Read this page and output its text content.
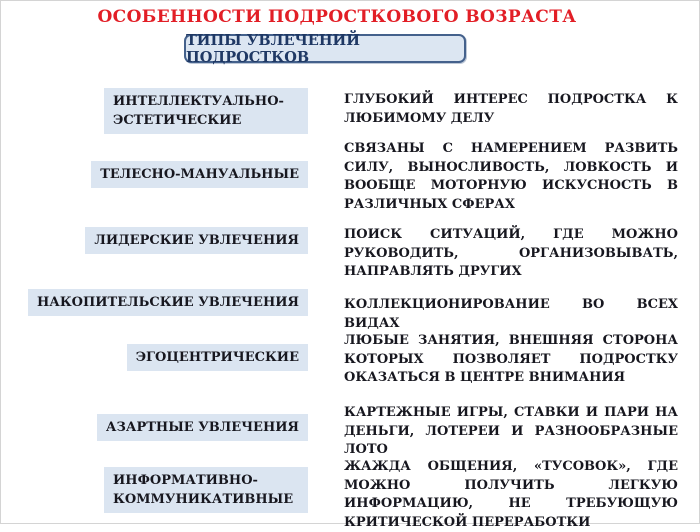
ОСОБЕННОСТИ ПОДРОСТКОВОГО ВОЗРАСТА
ТИПЫ УВЛЕЧЕНИЙ ПОДРОСТКОВ
ИНТЕЛЛЕКТУАЛЬНО-ЭСТЕТИЧЕСКИЕ
ГЛУБОКИЙ ИНТЕРЕС ПОДРОСТКА К ЛЮБИМОМУ ДЕЛУ
ТЕЛЕСНО-МАНУАЛЬНЫЕ
СВЯЗАНЫ С НАМЕРЕНИЕМ РАЗВИТЬ СИЛУ, ВЫНОСЛИВОСТЬ, ЛОВКОСТЬ И ВООБЩЕ МОТОРНУЮ ИСКУСНОСТЬ В РАЗЛИЧНЫХ СФЕРАХ
ЛИДЕРСКИЕ УВЛЕЧЕНИЯ	ПОИСК СИТУАЦИЙ, ГДЕ МОЖНО РУКОВОДИТЬ, ОРГАНИЗОВЫВАТЬ, НАПРАВЛЯТЬ ДРУГИХ
НАКОПИТЕЛЬСКИЕ УВЛЕЧЕНИЯ	КОЛЛЕКЦИОНИРОВАНИЕ ВО ВСЕХ ВИДАХ
ЭГОЦЕНТРИЧЕСКИЕ
ЛЮБЫЕ ЗАНЯТИЯ, ВНЕШНЯЯ СТОРОНА КОТОРЫХ ПОЗВОЛЯЕТ ПОДРОСТКУ ОКАЗАТЬСЯ В ЦЕНТРЕ ВНИМАНИЯ
АЗАРТНЫЕ УВЛЕЧЕНИЯ
КАРТЕЖНЫЕ ИГРЫ, СТАВКИ И ПАРИ НА ДЕНЬГИ, ЛОТЕРЕИ И РАЗНООБРАЗНЫЕ ЛОТО
ИНФОРМАТИВНО-КОММУНИКАТИВНЫЕ
ЖАЖДА ОБЩЕНИЯ, «ТУСОВОК», ГДЕ МОЖНО ПОЛУЧИТЬ ЛЕГКУЮ ИНФОРМАЦИЮ, НЕ ТРЕБУЮЩУЮ КРИТИЧЕСКОЙ ПЕРЕРАБОТКИ
